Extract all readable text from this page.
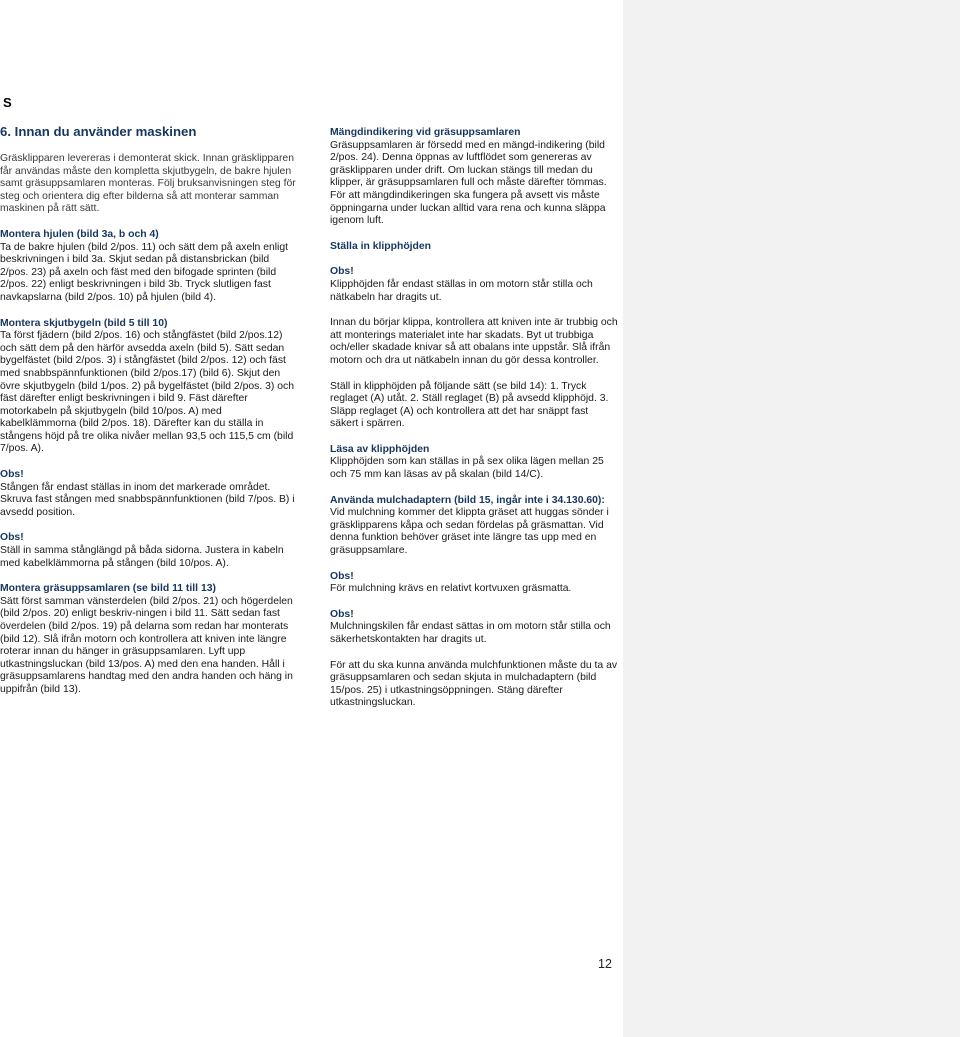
S
6. Innan du använder maskinen
Gräsklipparen levereras i demonterat skick. Innan gräsklipparen får användas måste den kompletta skjutbygeln, de bakre hjulen samt gräsuppsamlaren monteras. Följ bruksanvisningen steg för steg och orientera dig efter bilderna så att monterar samman maskinen på rätt sätt.
Montera hjulen (bild 3a, b och 4)
Ta de bakre hjulen (bild 2/pos. 11) och sätt dem på axeln enligt beskrivningen i bild 3a. Skjut sedan på distansbrickan (bild 2/pos. 23) på axeln och fäst med den bifogade sprinten (bild 2/pos. 22) enligt beskrivningen i bild 3b. Tryck slutligen fast navkapslarna (bild 2/pos. 10) på hjulen (bild 4).
Montera skjutbygeln (bild 5 till 10)
Ta först fjädern (bild 2/pos. 16) och stångfästet (bild 2/pos.12) och sätt dem på den härför avsedda axeln (bild 5). Sätt sedan bygelfästet (bild 2/pos. 3) i stångfästet (bild 2/pos. 12) och fäst med snabbspännfunktionen (bild 2/pos.17) (bild 6). Skjut den övre skjutbygeln (bild 1/pos. 2) på bygelfästet (bild 2/pos. 3) och fäst därefter enligt beskrivningen i bild 9. Fäst därefter motorkabeln på skjutbygeln (bild 10/pos. A) med kabelklämmorna (bild 2/pos. 18). Därefter kan du ställa in stångens höjd på tre olika nivåer mellan 93,5 och 115,5 cm (bild 7/pos. A).
Obs!
Stången får endast ställas in inom det markerade området. Skruva fast stången med snabbspännfunktionen (bild 7/pos. B) i avsedd position.
Obs!
Ställ in samma stånglängd på båda sidorna. Justera in kabeln med kabelklämmorna på stången (bild 10/pos. A).
Montera gräsuppsamlaren (se bild 11 till 13)
Sätt först samman vänsterdelen (bild 2/pos. 21) och högerdelen (bild 2/pos. 20) enligt beskriv-ningen i bild 11. Sätt sedan fast överdelen (bild 2/pos. 19) på delarna som redan har monterats (bild 12). Slå ifrån motorn och kontrollera att kniven inte längre roterar innan du hänger in gräsuppsamlaren. Lyft upp utkastningsluckan (bild 13/pos. A) med den ena handen. Håll i gräsuppsamlarens handtag med den andra handen och häng in uppifrån (bild 13).
Mängdindikering vid gräsuppsamlaren
Gräsuppsamlaren är försedd med en mängd-indikering (bild 2/pos. 24). Denna öppnas av luftflödet som genereras av gräsklipparen under drift. Om luckan stängs till medan du klipper, är gräsuppsamlaren full och måste därefter tömmas. För att mängdindikeringen ska fungera på avsett vis måste öppningarna under luckan alltid vara rena och kunna släppa igenom luft.
Ställa in klipphöjden
Obs!
Klipphöjden får endast ställas in om motorn står stilla och nätkabeln har dragits ut.
Innan du börjar klippa, kontrollera att kniven inte är trubbig och att monterings materialet inte har skadats. Byt ut trubbiga och/eller skadade knivar så att obalans inte uppstår. Slå ifrån motorn och dra ut nätkabeln innan du gör dessa kontroller.
Ställ in klipphöjden på följande sätt (se bild 14): 1. Tryck reglaget (A) utåt. 2. Ställ reglaget (B) på avsedd klipphöjd. 3. Släpp reglaget (A) och kontrollera att det har snäppt fast säkert i spärren.
Läsa av klipphöjden
Klipphöjden som kan ställas in på sex olika lägen mellan 25 och 75 mm kan läsas av på skalan (bild 14/C).
Använda mulchadaptern (bild 15, ingår inte i 34.130.60):
Vid mulchning kommer det klippta gräset att huggas sönder i gräsklipparens kåpa och sedan fördelas på gräsmattan. Vid denna funktion behöver gräset inte längre tas upp med en gräsuppsamlare.
Obs!
För mulchning krävs en relativt kortvuxen gräsmatta.
Obs!
Mulchningskilen får endast sättas in om motorn står stilla och säkerhetskontakten har dragits ut.
För att du ska kunna använda mulchfunktionen måste du ta av gräsuppsamlaren och sedan skjuta in mulchadaptern (bild 15/pos. 25) i utkastningsöppningen. Stäng därefter utkastningsluckan.
12
